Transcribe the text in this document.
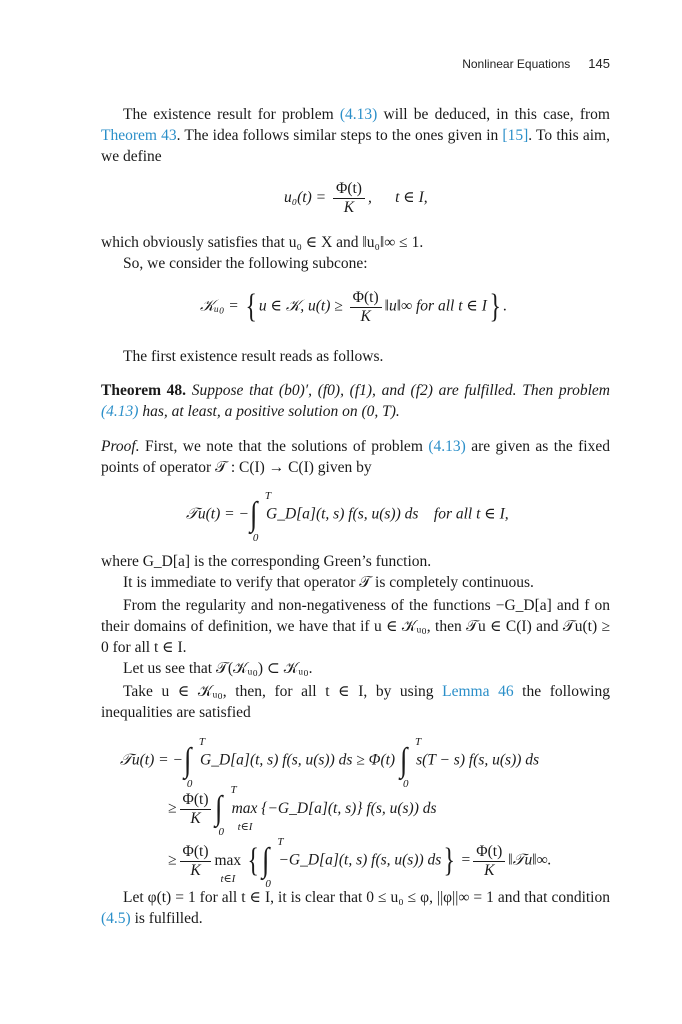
Nonlinear Equations 145
The existence result for problem (4.13) will be deduced, in this case, from Theorem 43. The idea follows similar steps to the ones given in [15]. To this aim, we define
$u_0(t) = \frac{\Phi(t)}{K}$ ,      t ∈ I,
which obviously satisfies that u₀ ∈ X and ‖u₀‖∞ ≤ 1.
So, we consider the following subcone:
𝒦ᵤ₀ = { u ∈ 𝒦, $u(t) \ge \frac{\Phi(t)}{K}$ ‖u‖∞ for all t ∈ I} .
The first existence result reads as follows.
Theorem 48. Suppose that (b0)′, (f0), (f1), and (f2) are fulfilled. Then problem (4.13) has, at least, a positive solution on (0, T).
Proof. First, we note that the solutions of problem (4.13) are given as the fixed points of operator 𝒯 : C(I) → C(I) given by
𝒯u(t) = −∫ T
0
G_D[a](t, s) f(s, u(s)) ds    for all t ∈ I,
where G_D[a] is the corresponding Green’s function.
It is immediate to verify that operator 𝒯 is completely continuous.
From the regularity and non-negativeness of the functions −G_D[a] and f on their domains of definition, we have that if u ∈ 𝒦ᵤ₀, then 𝒯u ∈ C(I) and 𝒯u(t) ≥ 0 for all t ∈ I.
Let us see that 𝒯(𝒦ᵤ₀) ⊂ 𝒦ᵤ₀.
Take u ∈ 𝒦ᵤ₀, then, for all t ∈ I, by using Lemma 46 the following inequalities are satisfied
𝒯u(t) = −∫ T
0
G_D[a](t, s) f(s, u(s)) ds ≥ Φ(t) ∫ T
0
s(T − s) f(s, u(s)) ds
≥ $\frac{\Phi(t)}{K}$ ∫ T
0
max {−G_D[a](t, s)} f(s, u(s)) ds
t∈I
≥ $\frac{\Phi(t)}{K}$ max
t∈I {∫ T
0
−G_D[a](t, s) f(s, u(s)) $ds\} = \frac{\Phi(t)}{K}$ ‖𝒯u‖∞.
Let φ(t) = 1 for all t ∈ I, it is clear that 0 ≤ u₀ ≤ φ, ||φ||∞ = 1 and that condition (4.5) is fulfilled.
